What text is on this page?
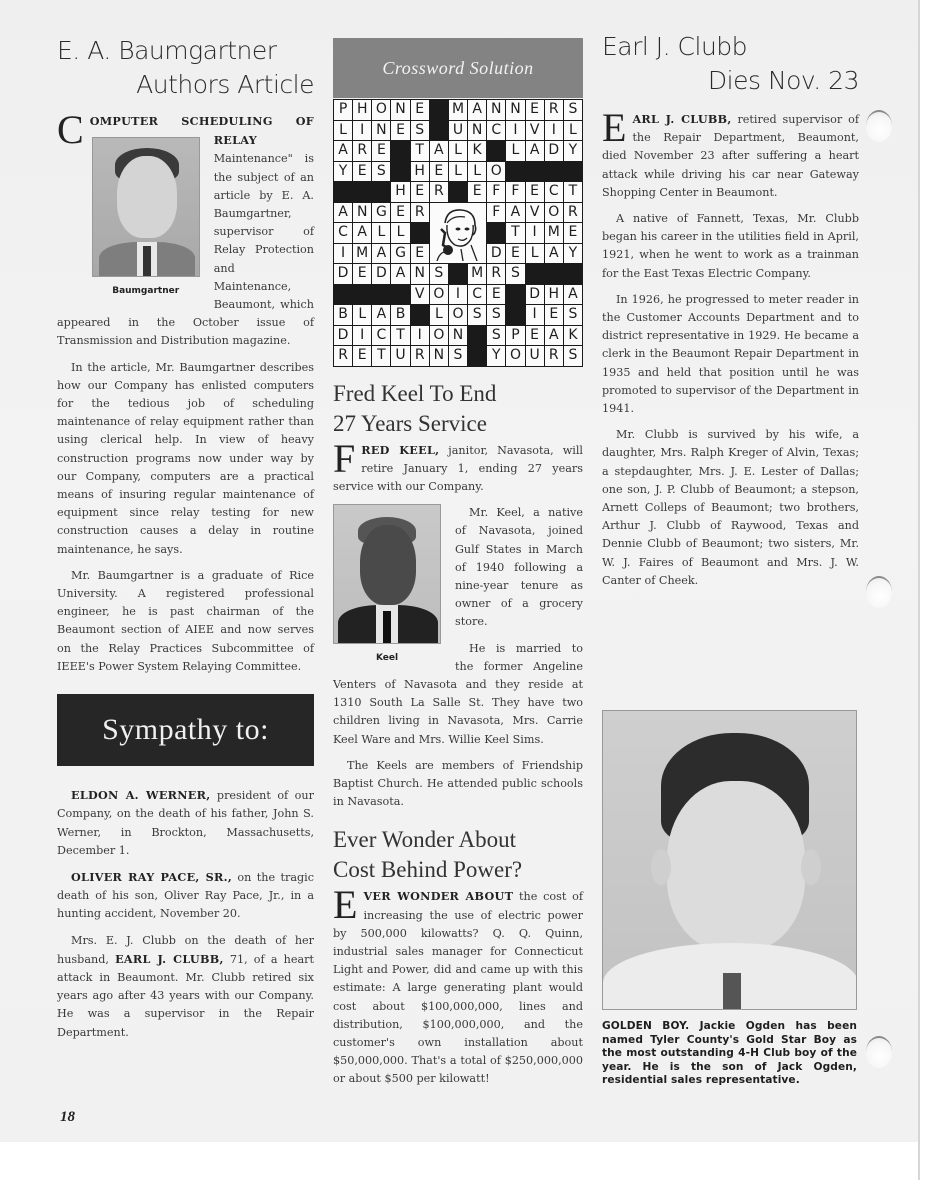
E. A. Baumgartner
Authors Article

C OMPUTER SCHEDULING OF RELAY
Baumgartner
Maintenance" is the subject of an article by E. A. Baumgartner, supervisor of Relay Protection and Maintenance, Beaumont, which appeared in the October issue of Transmission and Distribution magazine.

In the article, Mr. Baumgartner describes how our Company has enlisted computers for the tedious job of scheduling maintenance of relay equipment rather than using clerical help. In view of heavy construction programs now under way by our Company, computers are a practical means of insuring regular maintenance of equipment since relay testing for new construction causes a delay in routine maintenance, he says.

Mr. Baumgartner is a graduate of Rice University. A registered professional engineer, he is past chairman of the Beaumont section of AIEE and now serves on the Relay Practices Subcommittee of IEEE's Power System Relaying Committee.

Sympathy to:

ELDON A. WERNER, president of our Company, on the death of his father, John S. Werner, in Brockton, Massachusetts, December 1.

OLIVER RAY PACE, SR., on the tragic death of his son, Oliver Ray Pace, Jr., in a hunting accident, November 20.

Mrs. E. J. Clubb on the death of her husband, EARL J. CLUBB, 71, of a heart attack in Beaumont. Mr. Clubb retired six years ago after 43 years with our Company. He was a supervisor in the Repair Department.

Crossword Solution
P H O N E	M A N N E R S
L I N E S	U N C I V I L
A R E	T A L K	L A D Y
Y E S	H E L L O
H E R	E F F E C T
A N G E R	F A V O R
C A L L	T I M E
I M A G E	D E L A Y
D E D A N S	M R S
V O I C E	D H A
B L A B	L O S S	I E S
D I C T I O N	S P E A K
R E T U R N S	Y O U R S
Fred Keel To End
27 Years Service

F RED KEEL, janitor, Navasota, will retire January 1, ending 27 years service with our Company.

Keel

Mr. Keel, a native of Navasota, joined Gulf States in March of 1940 following a nine-year tenure as owner of a grocery store.

He is married to the former Angeline Venters of Navasota and they reside at 1310 South La Salle St. They have two children living in Navasota, Mrs. Carrie Keel Ware and Mrs. Willie Keel Sims.

The Keels are members of Friendship Baptist Church. He attended public schools in Navasota.

Ever Wonder About
Cost Behind Power?

E VER WONDER ABOUT the cost of increasing the use of electric power by 500,000 kilowatts? Q. Q. Quinn, industrial sales manager for Connecticut Light and Power, did and came up with this estimate: A large generating plant would cost about $100,000,000, lines and distribution, $100,000,000, and the customer's own installation about $50,000,000. That's a total of $250,000,000 or about $500 per kilowatt!

Earl J. Clubb
Dies Nov. 23

E ARL J. CLUBB, retired supervisor of the Repair Department, Beaumont, died November 23 after suffering a heart attack while driving his car near Gateway Shopping Center in Beaumont.

A native of Fannett, Texas, Mr. Clubb began his career in the utilities field in April, 1921, when he went to work as a trainman for the East Texas Electric Company.

In 1926, he progressed to meter reader in the Customer Accounts Department and to district representative in 1929. He became a clerk in the Beaumont Repair Department in 1935 and held that position until he was promoted to supervisor of the Department in 1941.

Mr. Clubb is survived by his wife, a daughter, Mrs. Ralph Kreger of Alvin, Texas; a stepdaughter, Mrs. J. E. Lester of Dallas; one son, J. P. Clubb of Beaumont; a stepson, Arnett Colleps of Beaumont; two brothers, Arthur J. Clubb of Raywood, Texas and Dennie Clubb of Beaumont; two sisters, Mr. W. J. Faires of Beaumont and Mrs. J. W. Canter of Cheek.

GOLDEN BOY. Jackie Ogden has been named Tyler County's Gold Star Boy as the most outstanding 4-H Club boy of the year. He is the son of Jack Ogden, residential sales representative.
18
